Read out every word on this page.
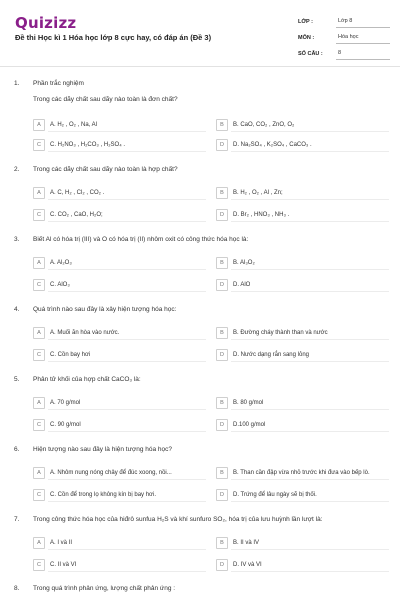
Quizizz
Đề thi Học kì 1 Hóa học lớp 8 cực hay, có đáp án (Đề 3)
LỚP :	Lớp 8
MÔN :	Hóa học
SỐ CÂU :	8
1. Phần trắc nghiệm
Trong các dãy chất sau dãy nào toàn là đơn chất?
A	A. H₂ , O₂ , Na, Al	B	B. CaO, CO₂ , ZnO, O₂
C	C. H₂NO₃ , H₂CO₃ , H₂SO₄ .	D	D. Na₂SO₄ , K₂SO₄ , CaCO₃ .
2. Trong các dãy chất sau dãy nào toàn là hợp chất?
A	A. C, H₂ , Cl₂ , CO₂ .	B	B. H₂ , O₂ , Al , Zn;
C	C. CO₂ , CaO, H₂O;	D	D. Br₂ , HNO₃ , NH₃ .
3. Biết Al có hóa trị (III) và O có hóa trị (II) nhôm oxit có công thức hóa học là:
A	A. Al₂O₃	B	B. Al₃O₂
C	C. AlO₃	D	D. AlO
4. Quá trình nào sau đây là xảy hiện tượng hóa học:
A	A. Muối ăn hòa vào nước.	B	B. Đường cháy thành than và nước
C	C. Cồn bay hơi	D	D. Nước dạng rắn sang lỏng
5. Phân tử khối của hợp chất CaCO₃ là:
A	A. 70 g/mol	B	B. 80 g/mol
C	C. 90 g/mol	D	D.100 g/mol
6. Hiện tượng nào sau đây là hiện tượng hóa học?
A	A. Nhôm nung nóng chảy để đúc xoong, nồi...	B	B. Than cần đập vừa nhỏ trước khi đưa vào bếp lò.
C	C. Cồn để trong lọ không kín bị bay hơi.	D	D. Trứng để lâu ngày sẽ bị thối.
7. Trong công thức hóa học của hiđrô sunfua H₂S và khí sunfuro SO₂, hóa trị của lưu huỳnh lần lượt là:
A	A. I và II	B	B. II và IV
C	C. II và VI	D	D. IV và VI
8. Trong quá trình phản ứng, lượng chất phản ứng :
